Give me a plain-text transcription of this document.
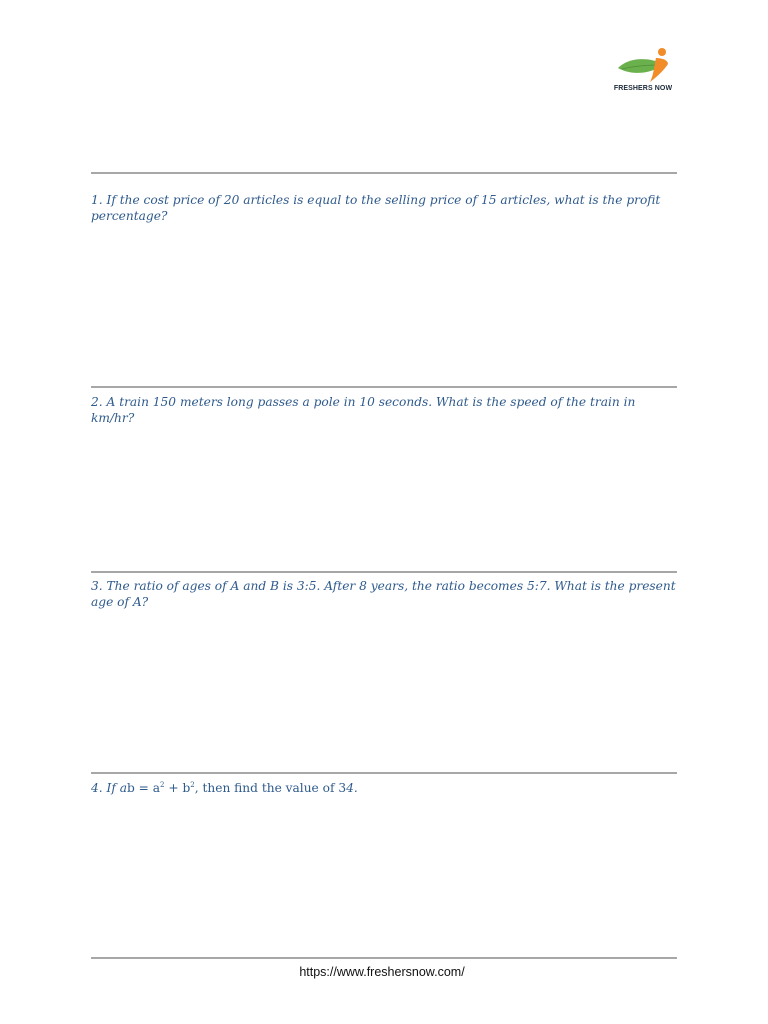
FRESHERS NOW

1. If the cost price of 20 articles is equal to the selling price of 15 articles, what is the profit percentage?

2. A train 150 meters long passes a pole in 10 seconds. What is the speed of the train in km/hr?

3. The ratio of ages of A and B is 3:5. After 8 years, the ratio becomes 5:7. What is the present age of A?

4. If ab = $a^2 + b^2$, then find the value of 34.

https://www.freshersnow.com/
